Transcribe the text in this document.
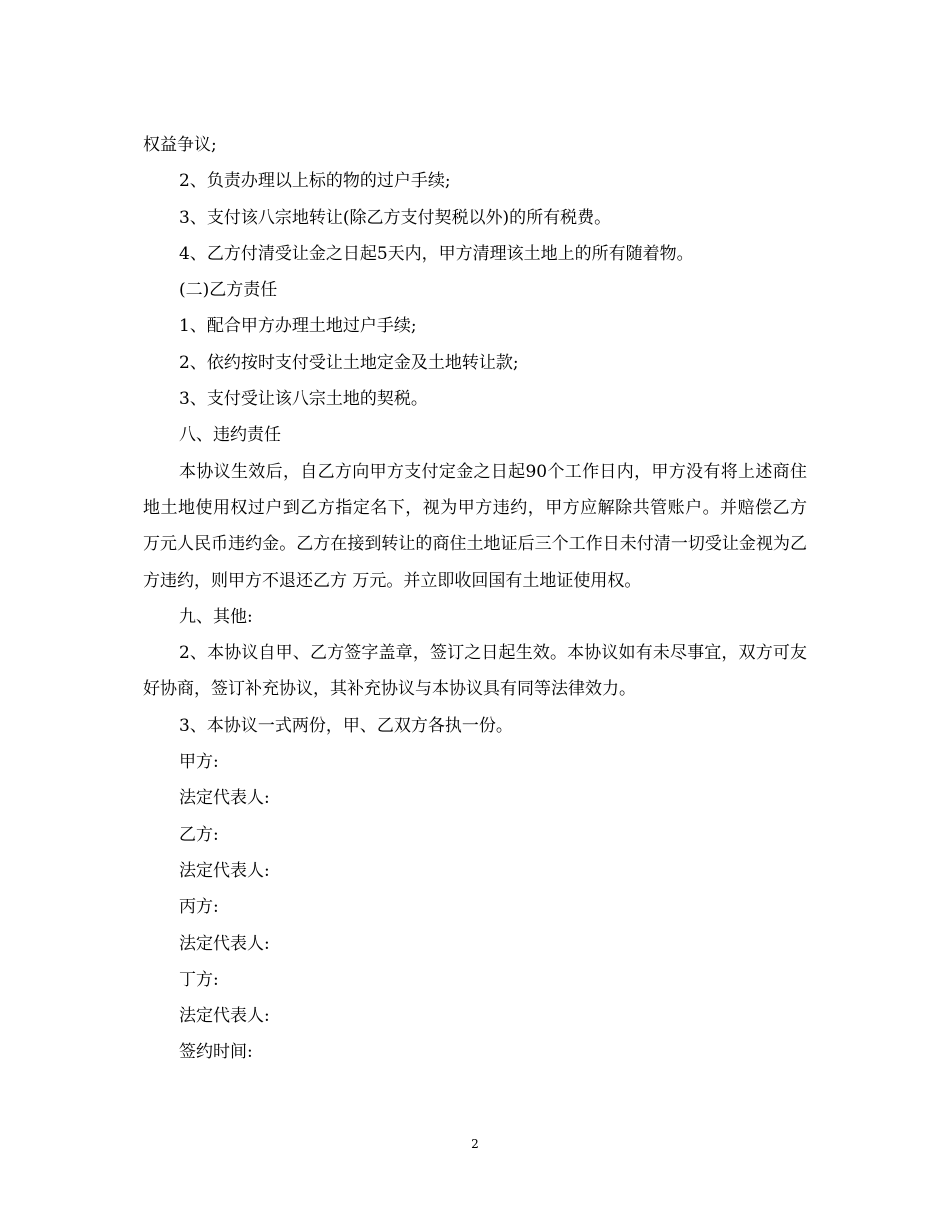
权益争议;

2、负责办理以上标的物的过户手续;

3、支付该八宗地转让(除乙方支付契税以外)的所有税费。

4、乙方付清受让金之日起5天内，甲方清理该土地上的所有随着物。

(二)乙方责任

1、配合甲方办理土地过户手续;

2、依约按时支付受让土地定金及土地转让款;

3、支付受让该八宗土地的契税。

八、违约责任

本协议生效后，自乙方向甲方支付定金之日起90个工作日内，甲方没有将上述商住地土地使用权过户到乙方指定名下，视为甲方违约，甲方应解除共管账户。并赔偿乙方 万元人民币违约金。乙方在接到转让的商住土地证后三个工作日未付清一切受让金视为乙方违约，则甲方不退还乙方 万元。并立即收回国有土地证使用权。

九、其他:

2、本协议自甲、乙方签字盖章，签订之日起生效。本协议如有未尽事宜，双方可友好协商，签订补充协议，其补充协议与本协议具有同等法律效力。

3、本协议一式两份，甲、乙双方各执一份。

甲方:

法定代表人:

乙方:

法定代表人:

丙方:

法定代表人:

丁方:

法定代表人:

签约时间:

2
